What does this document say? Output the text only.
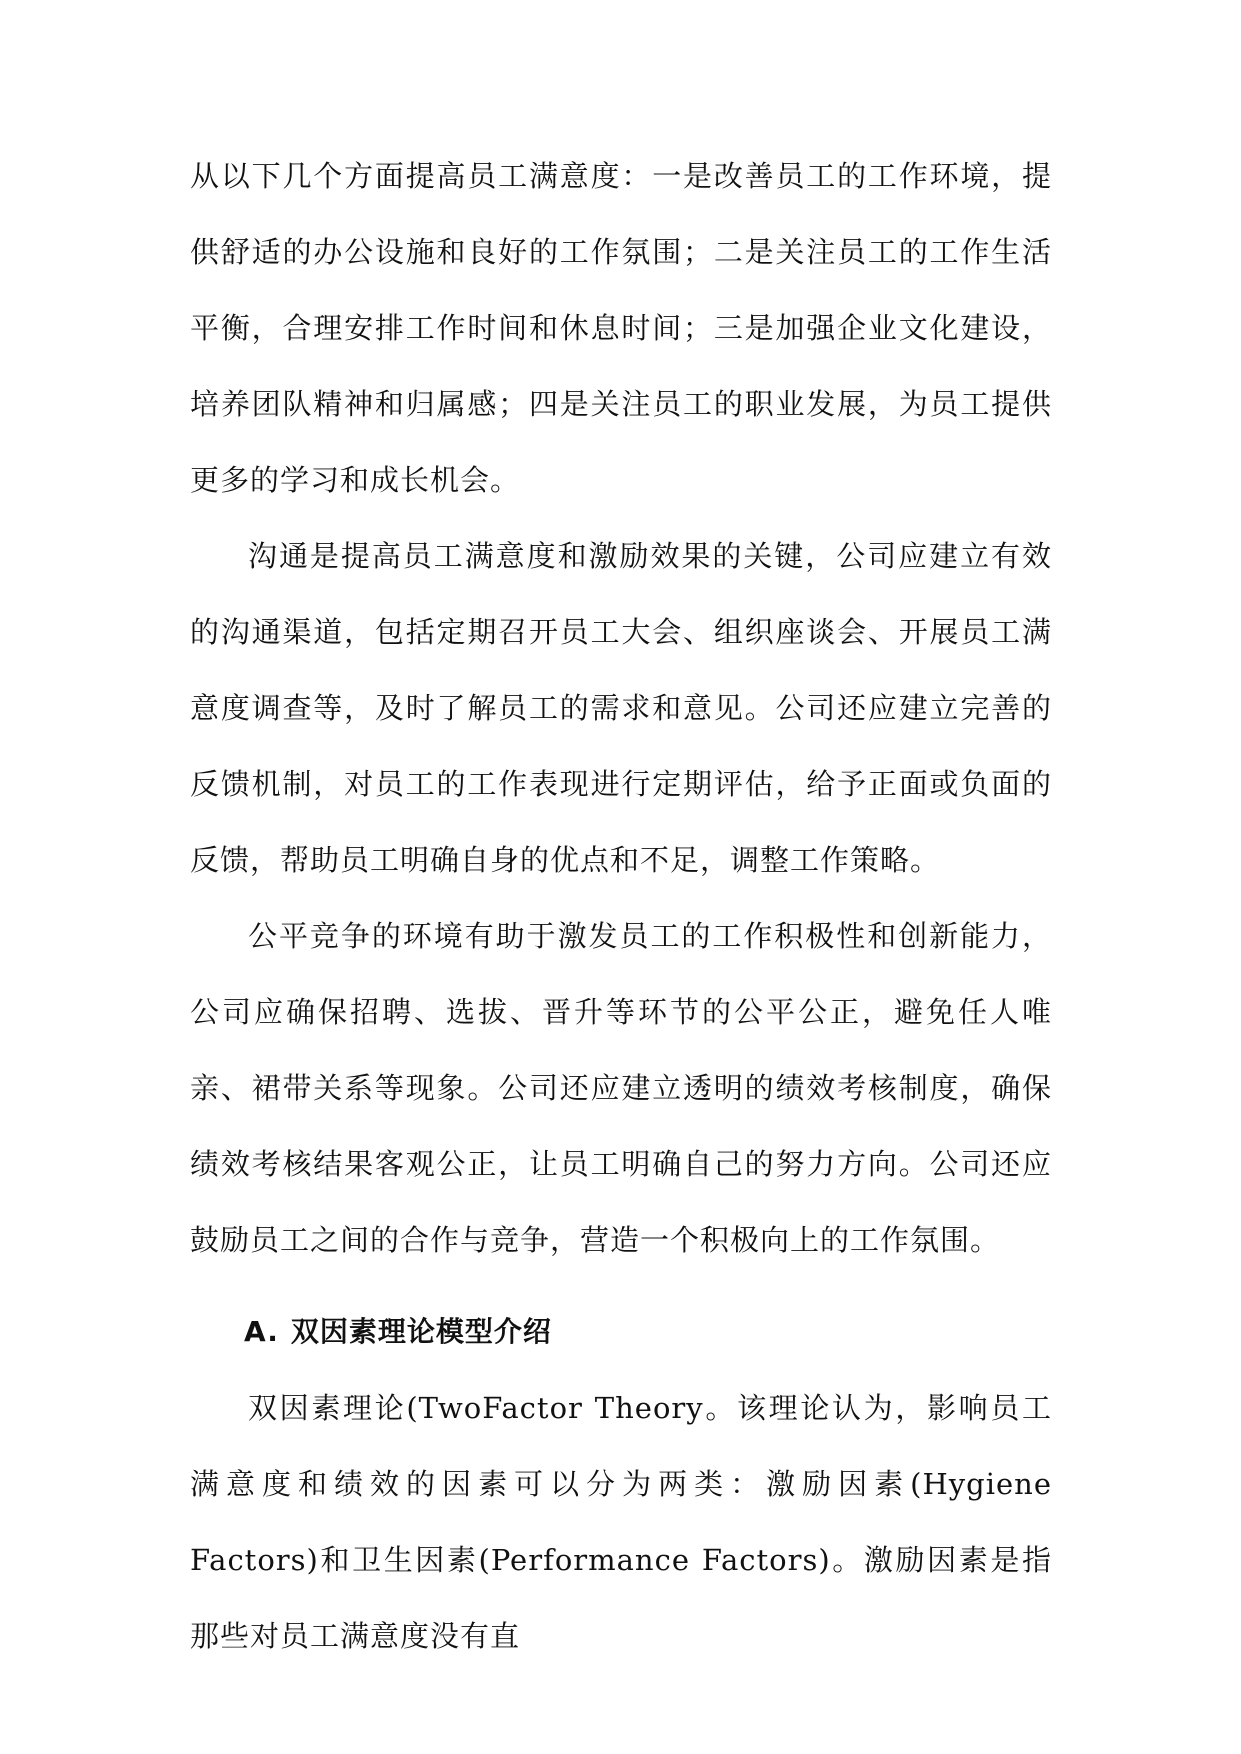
从以下几个方面提高员工满意度：一是改善员工的工作环境，提供舒适的办公设施和良好的工作氛围；二是关注员工的工作生活平衡，合理安排工作时间和休息时间；三是加强企业文化建设，培养团队精神和归属感；四是关注员工的职业发展，为员工提供更多的学习和成长机会。

沟通是提高员工满意度和激励效果的关键，公司应建立有效的沟通渠道，包括定期召开员工大会、组织座谈会、开展员工满意度调查等，及时了解员工的需求和意见。公司还应建立完善的反馈机制，对员工的工作表现进行定期评估，给予正面或负面的反馈，帮助员工明确自身的优点和不足，调整工作策略。

公平竞争的环境有助于激发员工的工作积极性和创新能力，公司应确保招聘、选拔、晋升等环节的公平公正，避免任人唯亲、裙带关系等现象。公司还应建立透明的绩效考核制度，确保绩效考核结果客观公正，让员工明确自己的努力方向。公司还应鼓励员工之间的合作与竞争，营造一个积极向上的工作氛围。

A. 双因素理论模型介绍

双因素理论(TwoFactor Theory。该理论认为，影响员工满意度和绩效的因素可以分为两类：激励因素(Hygiene Factors)和卫生因素(Performance Factors)。激励因素是指那些对员工满意度没有直
